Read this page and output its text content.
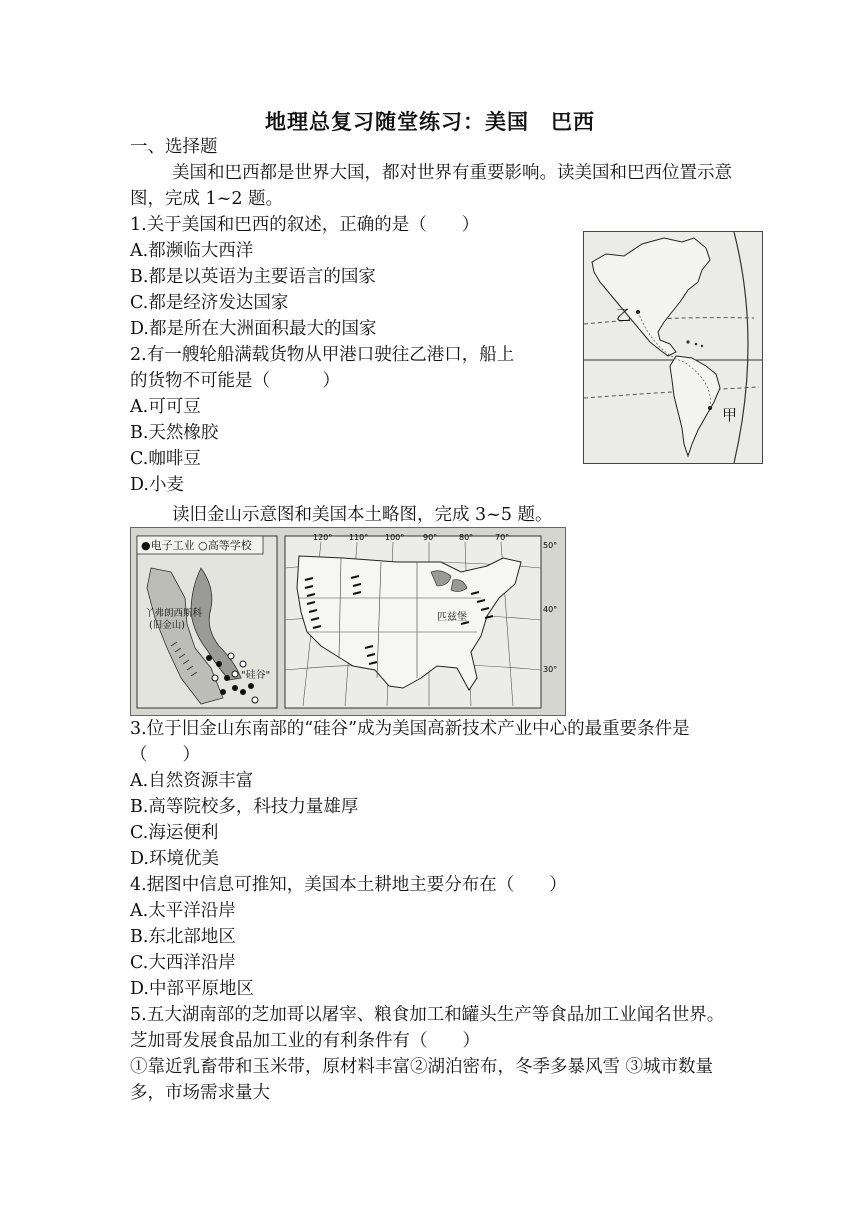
地理总复习随堂练习：美国　巴西
一、选择题
美国和巴西都是世界大国，都对世界有重要影响。读美国和巴西位置示意图，完成 1~2 题。
1.关于美国和巴西的叙述，正确的是（　　）
A.都濒临大西洋
B.都是以英语为主要语言的国家
C.都是经济发达国家
D.都是所在大洲面积最大的国家
2.有一艘轮船满载货物从甲港口驶往乙港口，船上
的货物不可能是（　　　）
A.可可豆
B.天然橡胶
C.咖啡豆
D.小麦
乙
甲
读旧金山示意图和美国本土略图，完成 3~5 题。
●电子工业 ○高等学校
丫弗朗西斯科
(旧金山)
"硅谷"
120° 110° 100° 90°	80°	70°
50°
40°
30°
匹兹堡
3.位于旧金山东南部的“硅谷”成为美国高新技术产业中心的最重要条件是（　　）
A.自然资源丰富
B.高等院校多，科技力量雄厚
C.海运便利
D.环境优美
4.据图中信息可推知，美国本土耕地主要分布在（　　）
A.太平洋沿岸
B.东北部地区
C.大西洋沿岸
D.中部平原地区
5.五大湖南部的芝加哥以屠宰、粮食加工和罐头生产等食品加工业闻名世界。芝加哥发展食品加工业的有利条件有（　　）
①靠近乳畜带和玉米带，原材料丰富②湖泊密布，冬季多暴风雪 ③城市数量多，市场需求量大
